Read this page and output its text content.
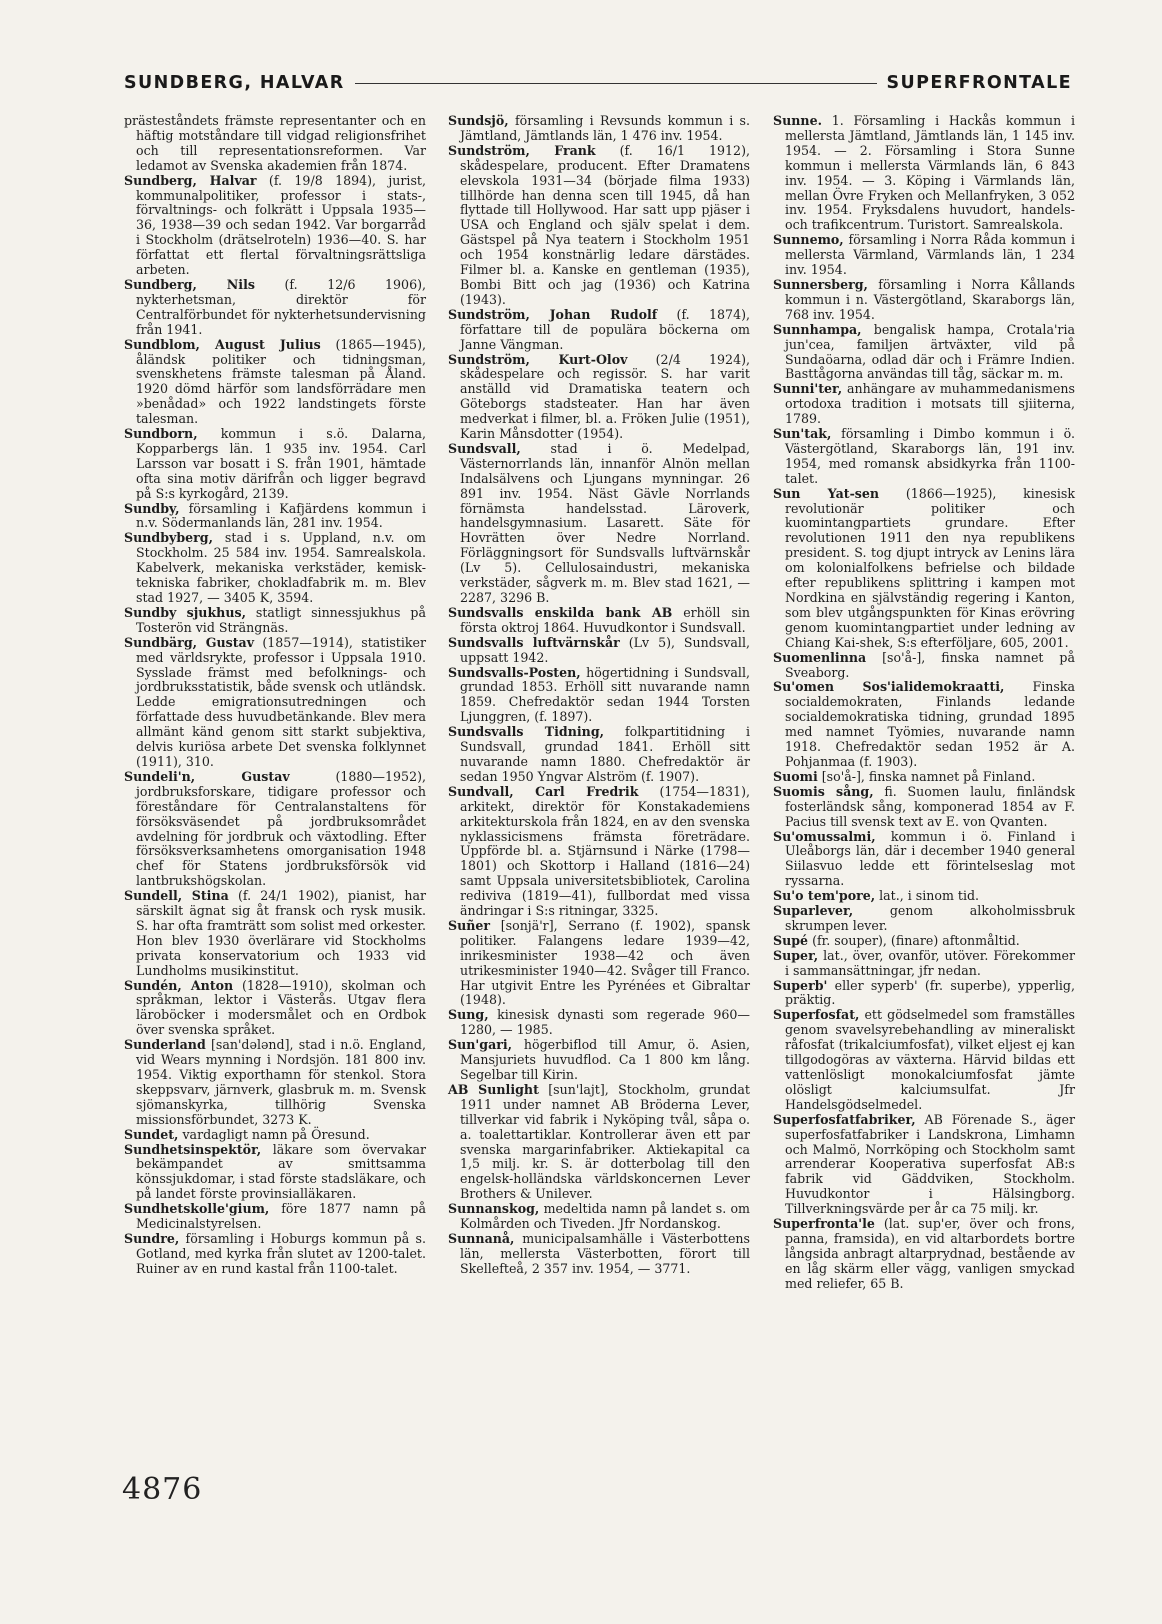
SUNDBERG, HALVAR	SUPERFRONTALE

prästeståndets främste representanter och en häftig motståndare till vidgad religionsfrihet och till representationsreformen. Var ledamot av Svenska akademien från 1874.

Sundberg, Halvar (f. 19/8 1894), jurist, kommunalpolitiker, professor i stats-, förvaltnings- och folkrätt i Uppsala 1935—36, 1938—39 och sedan 1942. Var borgarråd i Stockholm (drätselroteln) 1936—40. S. har författat ett flertal förvaltningsrättsliga arbeten.

Sundberg, Nils (f. 12/6 1906), nykterhetsman, direktör för Centralförbundet för nykterhetsundervisning från 1941.

Sundblom, August Julius (1865—1945), åländsk politiker och tidningsman, svenskhetens främste talesman på Åland. 1920 dömd härför som landsförrädare men »benådad» och 1922 landstingets förste talesman.

Sundborn, kommun i s.ö. Dalarna, Kopparbergs län. 1 935 inv. 1954. Carl Larsson var bosatt i S. från 1901, hämtade ofta sina motiv därifrån och ligger begravd på S:s kyrkogård, 2139.

Sundby, församling i Kafjärdens kommun i n.v. Södermanlands län, 281 inv. 1954.

Sundbyberg, stad i s. Uppland, n.v. om Stockholm. 25 584 inv. 1954. Samrealskola. Kabelverk, mekaniska verkstäder, kemisk-tekniska fabriker, chokladfabrik m. m. Blev stad 1927, — 3405 K, 3594.

Sundby sjukhus, statligt sinnessjukhus på Tosterön vid Strängnäs.

Sundbärg, Gustav (1857—1914), statistiker med världsrykte, professor i Uppsala 1910. Sysslade främst med befolknings- och jordbruksstatistik, både svensk och utländsk. Ledde emigrationsutredningen och författade dess huvudbetänkande. Blev mera allmänt känd genom sitt starkt subjektiva, delvis kuriösa arbete Det svenska folklynnet (1911), 310.

Sundeli'n, Gustav (1880—1952), jordbruksforskare, tidigare professor och föreståndare för Centralanstaltens för försöksväsendet på jordbruksområdet avdelning för jordbruk och växtodling. Efter försöksverksamhetens omorganisation 1948 chef för Statens jordbruksförsök vid lantbrukshögskolan.

Sundell, Stina (f. 24/1 1902), pianist, har särskilt ägnat sig åt fransk och rysk musik. S. har ofta framträtt som solist med orkester. Hon blev 1930 överlärare vid Stockholms privata konservatorium och 1933 vid Lundholms musikinstitut.

Sundén, Anton (1828—1910), skolman och språkman, lektor i Västerås. Utgav flera läroböcker i modersmålet och en Ordbok över svenska språket.

Sunderland [san'dələnd], stad i n.ö. England, vid Wears mynning i Nordsjön. 181 800 inv. 1954. Viktig exporthamn för stenkol. Stora skeppsvarv, järnverk, glasbruk m. m. Svensk sjömanskyrka, tillhörig Svenska missionsförbundet, 3273 K.

Sundet, vardagligt namn på Öresund.

Sundhetsinspektör, läkare som övervakar bekämpandet av smittsamma könssjukdomar, i stad förste stadsläkare, och på landet förste provinsialläkaren.

Sundhetskolle'gium, före 1877 namn på Medicinalstyrelsen.

Sundre, församling i Hoburgs kommun på s. Gotland, med kyrka från slutet av 1200-talet. Ruiner av en rund kastal från 1100-talet.

Sundsjö, församling i Revsunds kommun i s. Jämtland, Jämtlands län, 1 476 inv. 1954.

Sundström, Frank (f. 16/1 1912), skådespelare, producent. Efter Dramatens elevskola 1931—34 (började filma 1933) tillhörde han denna scen till 1945, då han flyttade till Hollywood. Har satt upp pjäser i USA och England och själv spelat i dem. Gästspel på Nya teatern i Stockholm 1951 och 1954 konstnärlig ledare därstädes. Filmer bl. a. Kanske en gentleman (1935), Bombi Bitt och jag (1936) och Katrina (1943).

Sundström, Johan Rudolf (f. 1874), författare till de populära böckerna om Janne Vängman.

Sundström, Kurt-Olov (2/4 1924), skådespelare och regissör. S. har varit anställd vid Dramatiska teatern och Göteborgs stadsteater. Han har även medverkat i filmer, bl. a. Fröken Julie (1951), Karin Månsdotter (1954).

Sundsvall, stad i ö. Medelpad, Västernorrlands län, innanför Alnön mellan Indalsälvens och Ljungans mynningar. 26 891 inv. 1954. Näst Gävle Norrlands förnämsta handelsstad. Läroverk, handelsgymnasium. Lasarett. Säte för Hovrätten över Nedre Norrland. Förläggningsort för Sundsvalls luftvärnskår (Lv 5). Cellulosaindustri, mekaniska verkstäder, sågverk m. m. Blev stad 1621, — 2287, 3296 B.

Sundsvalls enskilda bank AB erhöll sin första oktroj 1864. Huvudkontor i Sundsvall.

Sundsvalls luftvärnskår (Lv 5), Sundsvall, uppsatt 1942.

Sundsvalls-Posten, högertidning i Sundsvall, grundad 1853. Erhöll sitt nuvarande namn 1859. Chefredaktör sedan 1944 Torsten Ljunggren, (f. 1897).

Sundsvalls Tidning, folkpartitidning i Sundsvall, grundad 1841. Erhöll sitt nuvarande namn 1880. Chefredaktör är sedan 1950 Yngvar Alström (f. 1907).

Sundvall, Carl Fredrik (1754—1831), arkitekt, direktör för Konstakademiens arkitekturskola från 1824, en av den svenska nyklassicismens främsta företrädare. Uppförde bl. a. Stjärnsund i Närke (1798—1801) och Skottorp i Halland (1816—24) samt Uppsala universitetsbibliotek, Carolina rediviva (1819—41), fullbordat med vissa ändringar i S:s ritningar, 3325.

Suñer [sonjä'r], Serrano (f. 1902), spansk politiker. Falangens ledare 1939—42, inrikesminister 1938—42 och även utrikesminister 1940—42. Svåger till Franco. Har utgivit Entre les Pyrénées et Gibraltar (1948).

Sung, kinesisk dynasti som regerade 960—1280, — 1985.

Sun'gari, högerbiflod till Amur, ö. Asien, Mansjuriets huvudflod. Ca 1 800 km lång. Segelbar till Kirin.

AB Sunlight [sun'lajt], Stockholm, grundat 1911 under namnet AB Bröderna Lever, tillverkar vid fabrik i Nyköping tvål, såpa o. a. toalettartiklar. Kontrollerar även ett par svenska margarinfabriker. Aktiekapital ca 1,5 milj. kr. S. är dotterbolag till den engelsk-holländska världskoncernen Lever Brothers & Unilever.

Sunnanskog, medeltida namn på landet s. om Kolmården och Tiveden. Jfr Nordanskog.

Sunnanå, municipalsamhälle i Västerbottens län, mellersta Västerbotten, förort till Skellefteå, 2 357 inv. 1954, — 3771.

Sunne. 1. Församling i Hackås kommun i mellersta Jämtland, Jämtlands län, 1 145 inv. 1954. — 2. Församling i Stora Sunne kommun i mellersta Värmlands län, 6 843 inv. 1954. — 3. Köping i Värmlands län, mellan Övre Fryken och Mellanfryken, 3 052 inv. 1954. Fryksdalens huvudort, handels- och trafikcentrum. Turistort. Samrealskola.

Sunnemo, församling i Norra Råda kommun i mellersta Värmland, Värmlands län, 1 234 inv. 1954.

Sunnersberg, församling i Norra Kållands kommun i n. Västergötland, Skaraborgs län, 768 inv. 1954.

Sunnhampa, bengalisk hampa, Crotala'ria jun'cea, familjen ärtväxter, vild på Sundaöarna, odlad där och i Främre Indien. Basttågorna användas till tåg, säckar m. m.

Sunni'ter, anhängare av muhammedanismens ortodoxa tradition i motsats till sjiiterna, 1789.

Sun'tak, församling i Dimbo kommun i ö. Västergötland, Skaraborgs län, 191 inv. 1954, med romansk absidkyrka från 1100-talet.

Sun Yat-sen (1866—1925), kinesisk revolutionär politiker och kuomintangpartiets grundare. Efter revolutionen 1911 den nya republikens president. S. tog djupt intryck av Lenins lära om kolonialfolkens befrielse och bildade efter republikens splittring i kampen mot Nordkina en självständig regering i Kanton, som blev utgångspunkten för Kinas erövring genom kuomintangpartiet under ledning av Chiang Kai-shek, S:s efterföljare, 605, 2001.

Suomenlinna [so'å-], finska namnet på Sveaborg.

Su'omen Sos'ialidemokraatti, Finska socialdemokraten, Finlands ledande socialdemokratiska tidning, grundad 1895 med namnet Työmies, nuvarande namn 1918. Chefredaktör sedan 1952 är A. Pohjanmaa (f. 1903).

Suomi [so'å-], finska namnet på Finland.

Suomis sång, fi. Suomen laulu, finländsk fosterländsk sång, komponerad 1854 av F. Pacius till svensk text av E. von Qvanten.

Su'omussalmi, kommun i ö. Finland i Uleåborgs län, där i december 1940 general Siilasvuo ledde ett förintelseslag mot ryssarna.

Su'o tem'pore, lat., i sinom tid.

Suparlever, genom alkoholmissbruk skrumpen lever.

Supé (fr. souper), (finare) aftonmåltid.

Super, lat., över, ovanför, utöver. Förekommer i sammansättningar, jfr nedan.

Superb' eller syperb' (fr. superbe), ypperlig, präktig.

Superfosfat, ett gödselmedel som framställes genom svavelsyrebehandling av mineraliskt råfosfat (trikalciumfosfat), vilket eljest ej kan tillgodogöras av växterna. Härvid bildas ett vattenlösligt monokalciumfosfat jämte olösligt kalciumsulfat. Jfr Handelsgödselmedel.

Superfosfatfabriker, AB Förenade S., äger superfosfatfabriker i Landskrona, Limhamn och Malmö, Norrköping och Stockholm samt arrenderar Kooperativa superfosfat AB:s fabrik vid Gäddviken, Stockholm. Huvudkontor i Hälsingborg. Tillverkningsvärde per år ca 75 milj. kr.

Superfronta'le (lat. sup'er, över och frons, panna, framsida), en vid altarbordets bortre långsida anbragt altarprydnad, bestående av en låg skärm eller vägg, vanligen smyckad med reliefer, 65 B.

4876
